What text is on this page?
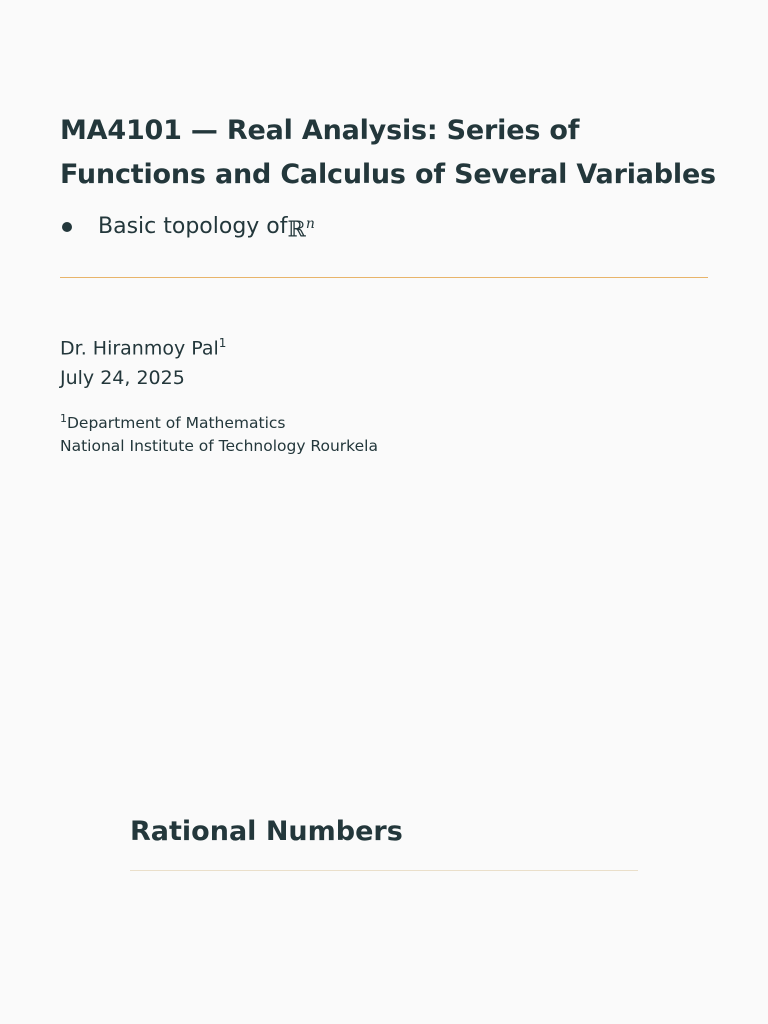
MA4101 — Real Analysis: Series of Functions and Calculus of Several Variables
Basic topology of ℝ$^n$
Dr. Hiranmoy Pal$^1$
July 24, 2025
$^1$Department of Mathematics
National Institute of Technology Rourkela
Rational Numbers
